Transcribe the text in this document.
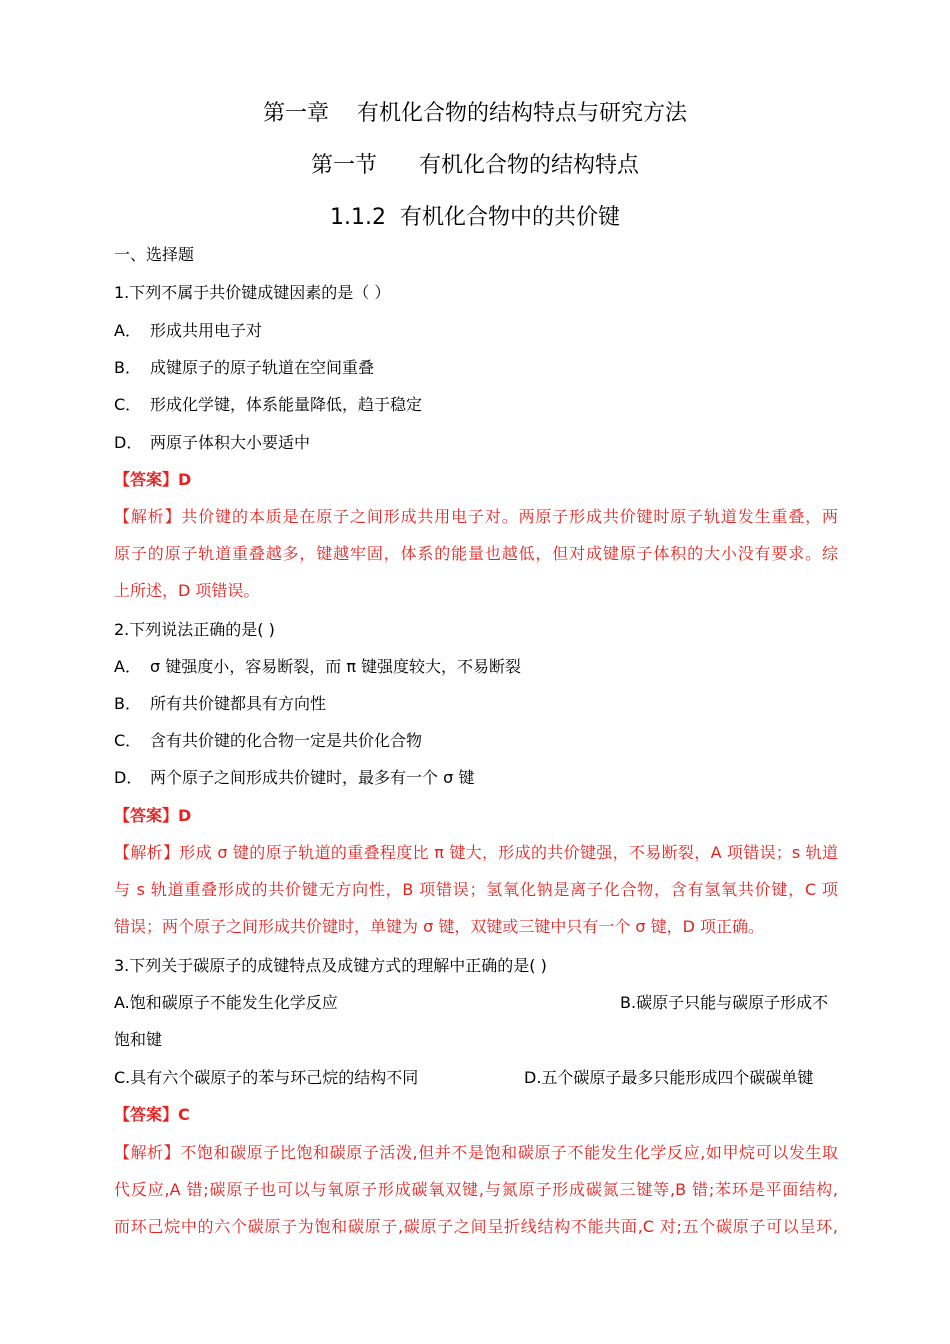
第一章    有机化合物的结构特点与研究方法
第一节      有机化合物的结构特点
1.1.2  有机化合物中的共价键
一、选择题
1.下列不属于共价键成键因素的是（ ）
A． 形成共用电子对
B． 成键原子的原子轨道在空间重叠
C． 形成化学键，体系能量降低，趋于稳定
D． 两原子体积大小要适中
【答案】D
【解析】共价键的本质是在原子之间形成共用电子对。两原子形成共价键时原子轨道发生重叠，两
原子的原子轨道重叠越多，键越牢固，体系的能量也越低，但对成键原子体积的大小没有要求。综
上所述，D 项错误。
2.下列说法正确的是( )
A． σ 键强度小，容易断裂，而 π 键强度较大，不易断裂
B． 所有共价键都具有方向性
C． 含有共价键的化合物一定是共价化合物
D． 两个原子之间形成共价键时，最多有一个 σ 键
【答案】D
【解析】形成 σ 键的原子轨道的重叠程度比 π 键大，形成的共价键强，不易断裂，A 项错误；s 轨道
与 s 轨道重叠形成的共价键无方向性，B 项错误；氢氧化钠是离子化合物，含有氢氧共价键，C 项
错误；两个原子之间形成共价键时，单键为 σ 键，双键或三键中只有一个 σ 键，D 项正确。
3.下列关于碳原子的成键特点及成键方式的理解中正确的是( )
A.饱和碳原子不能发生化学反应	B.碳原子只能与碳原子形成不
饱和键
C.具有六个碳原子的苯与环己烷的结构不同	D.五个碳原子最多只能形成四个碳碳单键
【答案】C
【解析】不饱和碳原子比饱和碳原子活泼,但并不是饱和碳原子不能发生化学反应,如甲烷可以发生取
代反应,A 错;碳原子也可以与氧原子形成碳氧双键,与氮原子形成碳氮三键等,B 错;苯环是平面结构,
而环己烷中的六个碳原子为饱和碳原子,碳原子之间呈折线结构不能共面,C 对;五个碳原子可以呈环,
